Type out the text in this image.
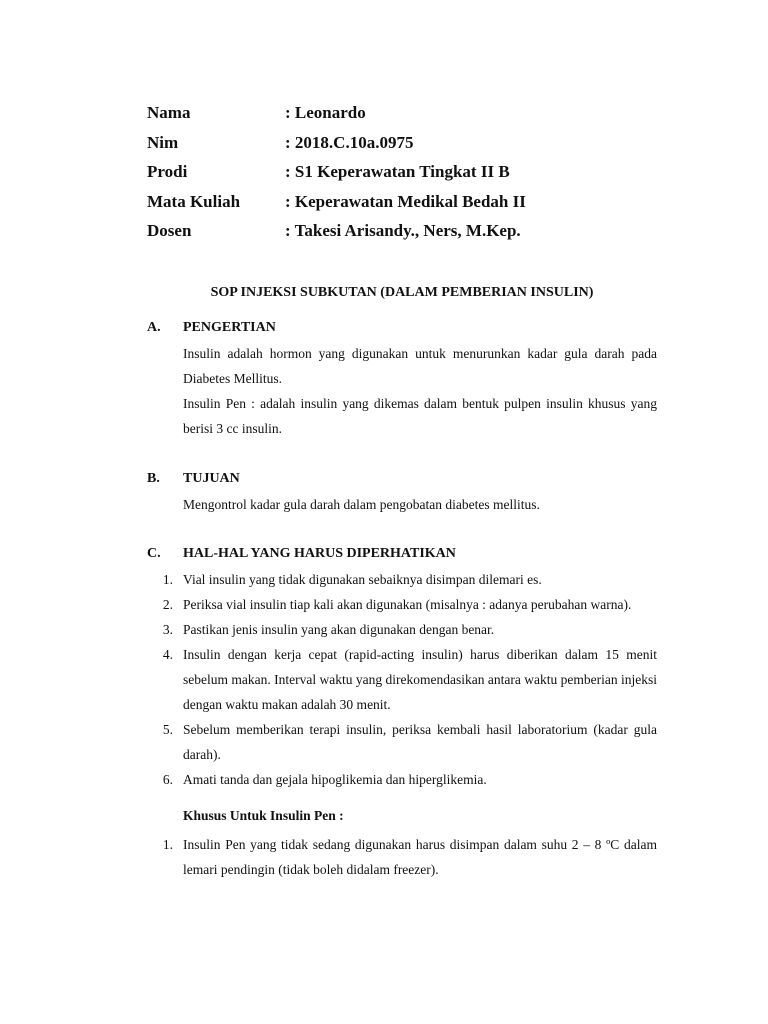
Nama	: Leonardo
Nim	: 2018.C.10a.0975
Prodi	: S1 Keperawatan Tingkat II B
Mata Kuliah	: Keperawatan Medikal Bedah II
Dosen	: Takesi Arisandy., Ners, M.Kep.
SOP INJEKSI SUBKUTAN (DALAM PEMBERIAN INSULIN)
A.	PENGERTIAN
Insulin adalah hormon yang digunakan untuk menurunkan kadar gula darah pada Diabetes Mellitus.
Insulin Pen : adalah insulin yang dikemas dalam bentuk pulpen insulin khusus yang berisi 3 cc insulin.
B.	TUJUAN
Mengontrol kadar gula darah dalam pengobatan diabetes mellitus.
C.	HAL-HAL YANG HARUS DIPERHATIKAN
1. Vial insulin yang tidak digunakan sebaiknya disimpan dilemari es.
2. Periksa vial insulin tiap kali akan digunakan (misalnya : adanya perubahan warna).
3. Pastikan jenis insulin yang akan digunakan dengan benar.
4. Insulin dengan kerja cepat (rapid-acting insulin) harus diberikan dalam 15 menit sebelum makan. Interval waktu yang direkomendasikan antara waktu pemberian injeksi dengan waktu makan adalah 30 menit.
5. Sebelum memberikan terapi insulin, periksa kembali hasil laboratorium (kadar gula darah).
6. Amati tanda dan gejala hipoglikemia dan hiperglikemia.
Khusus Untuk Insulin Pen :
1. Insulin Pen yang tidak sedang digunakan harus disimpan dalam suhu 2 – 8 ºC dalam lemari pendingin (tidak boleh didalam freezer).
